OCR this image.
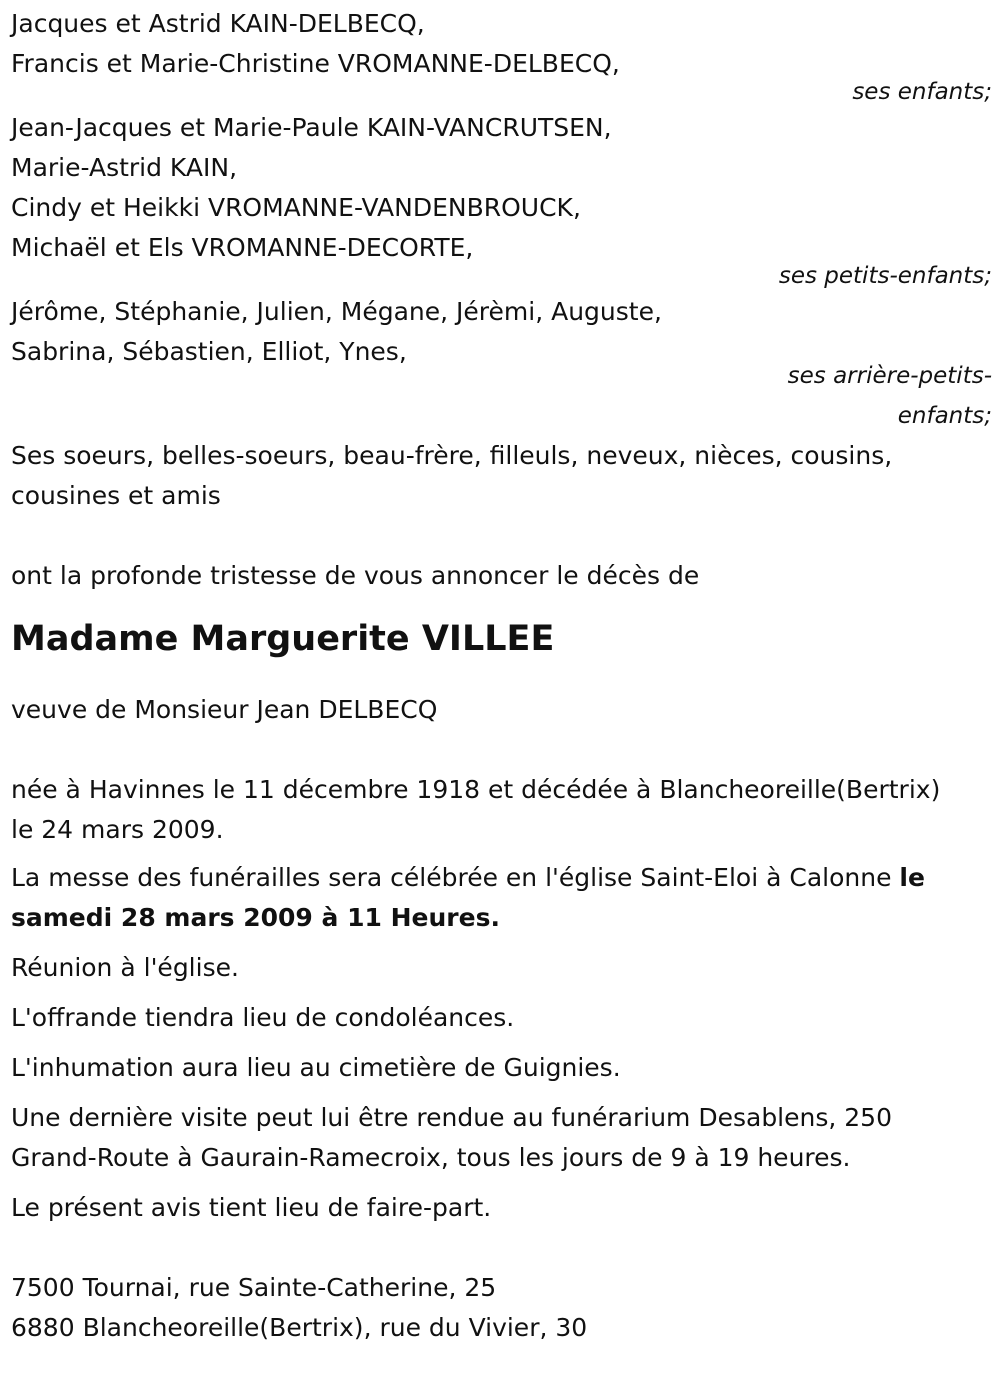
Jacques et Astrid KAIN-DELBECQ,
Francis et Marie-Christine VROMANNE-DELBECQ,
ses enfants;
Jean-Jacques et Marie-Paule KAIN-VANCRUTSEN,
Marie-Astrid KAIN,
Cindy et Heikki VROMANNE-VANDENBROUCK,
Michaël et Els VROMANNE-DECORTE,
ses petits-enfants;
Jérôme, Stéphanie, Julien, Mégane, Jérèmi, Auguste,
Sabrina, Sébastien, Elliot, Ynes,
ses arrière-petits-
enfants;
Ses soeurs, belles-soeurs, beau-frère, filleuls, neveux, nièces, cousins,
cousines et amis
ont la profonde tristesse de vous annoncer le décès de
Madame Marguerite VILLEE
veuve de Monsieur Jean DELBECQ
née à Havinnes le 11 décembre 1918 et décédée à Blancheoreille(Bertrix)
le 24 mars 2009.
La messe des funérailles sera célébrée en l'église Saint-Eloi à Calonne le
samedi 28 mars 2009 à 11 Heures.
Réunion à l'église.
L'offrande tiendra lieu de condoléances.
L'inhumation aura lieu au cimetière de Guignies.
Une dernière visite peut lui être rendue au funérarium Desablens, 250
Grand-Route à Gaurain-Ramecroix, tous les jours de 9 à 19 heures.
Le présent avis tient lieu de faire-part.
7500 Tournai, rue Sainte-Catherine, 25
6880 Blancheoreille(Bertrix), rue du Vivier, 30
